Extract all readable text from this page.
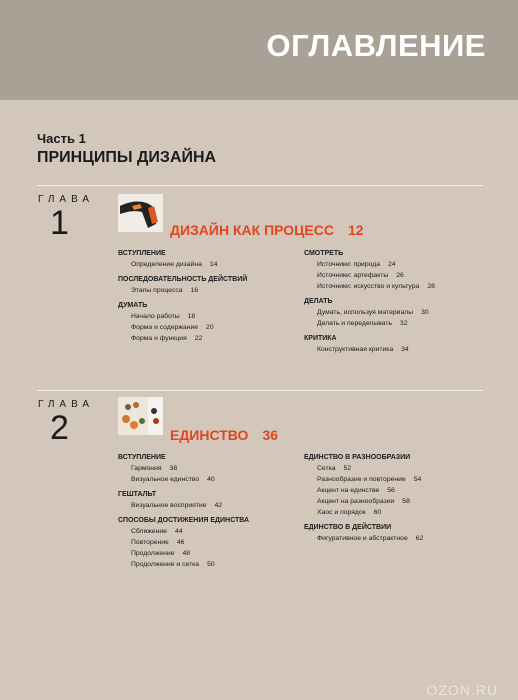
ОГЛАВЛЕНИЕ
Часть 1
ПРИНЦИПЫ ДИЗАЙНА
ГЛАВА
1	ДИЗАЙН КАК ПРОЦЕСС 12
ВСТУПЛЕНИЕ
Определение дизайна 14
ПОСЛЕДОВАТЕЛЬНОСТЬ ДЕЙСТВИЙ
Этапы процесса 16
ДУМАТЬ
Начало работы 18
Форма и содержание 20
Форма и функция 22
СМОТРЕТЬ
Источники: природа 24
Источники: артефакты 26
Источники: искусство и культура 28
ДЕЛАТЬ
Думать, используя материалы 30
Делать и переделывать 32
КРИТИКА
Конструктивная критика 34
ГЛАВА
2	ЕДИНСТВО 36
ВСТУПЛЕНИЕ
Гармония 38
Визуальное единство 40
ГЕШТАЛЬТ
Визуальное восприятие 42
СПОСОБЫ ДОСТИЖЕНИЯ ЕДИНСТВА
Сближение 44
Повторение 46
Продолжение 48
Продолжение и сетка 50
ЕДИНСТВО В РАЗНООБРАЗИИ
Сетка 52
Разнообразие и повторение 54
Акцент на единстве 56
Акцент на разнообразии 58
Хаос и порядок 60
ЕДИНСТВО В ДЕЙСТВИИ
Фигуративное и абстрактное 62
OZON.RU
